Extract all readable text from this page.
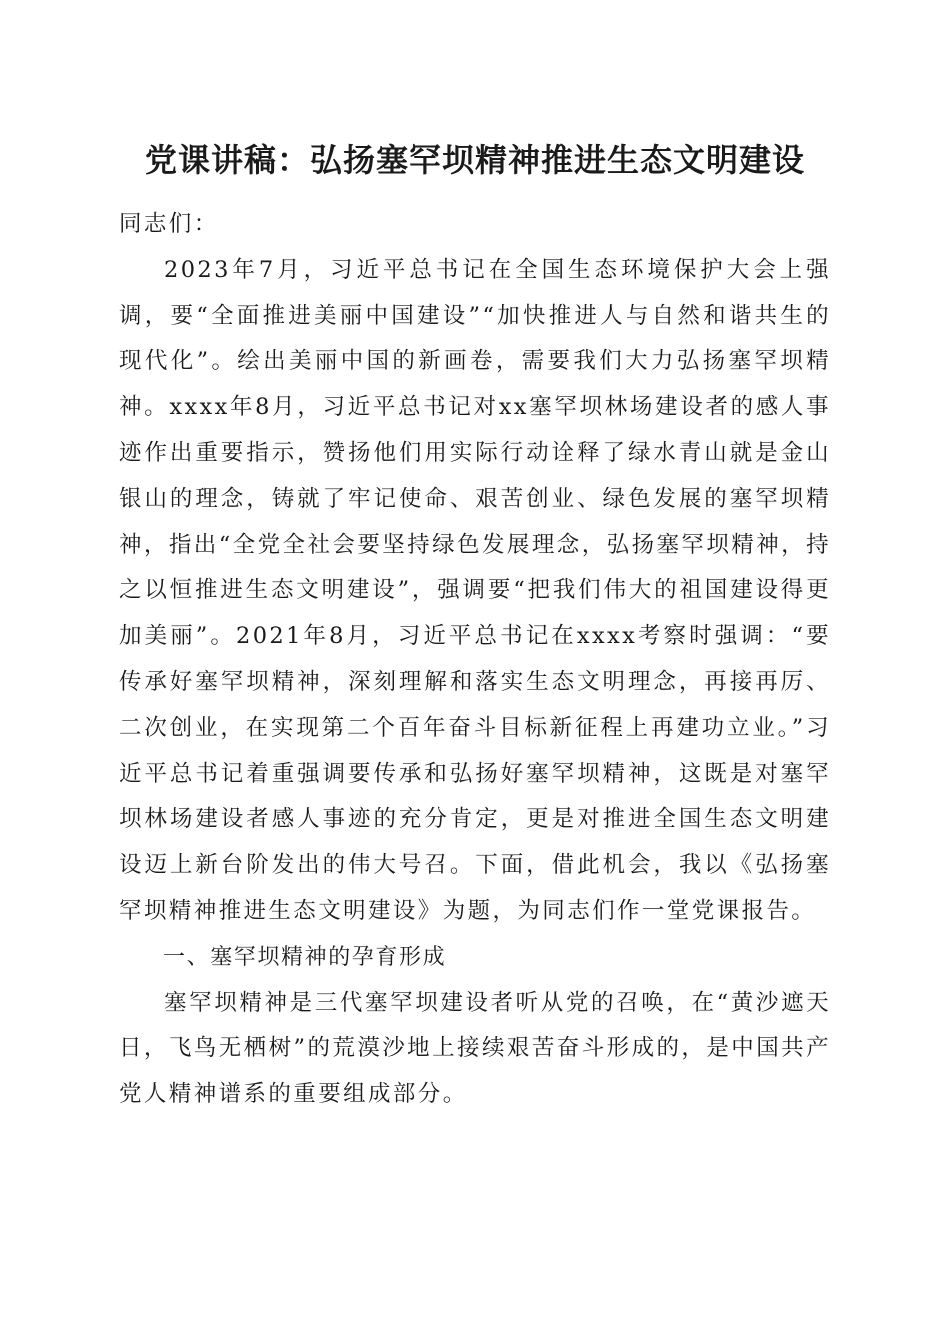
党课讲稿：弘扬塞罕坝精神推进生态文明建设

同志们：

2023年7月，习近平总书记在全国生态环境保护大会上强调，要“全面推进美丽中国建设”“加快推进人与自然和谐共生的现代化”。绘出美丽中国的新画卷，需要我们大力弘扬塞罕坝精神。xxxx年8月，习近平总书记对xx塞罕坝林场建设者的感人事迹作出重要指示，赞扬他们用实际行动诠释了绿水青山就是金山银山的理念，铸就了牢记使命、艰苦创业、绿色发展的塞罕坝精神，指出“全党全社会要坚持绿色发展理念，弘扬塞罕坝精神，持之以恒推进生态文明建设”，强调要“把我们伟大的祖国建设得更加美丽”。2021年8月，习近平总书记在xxxx考察时强调：“要传承好塞罕坝精神，深刻理解和落实生态文明理念，再接再厉、二次创业，在实现第二个百年奋斗目标新征程上再建功立业。”习近平总书记着重强调要传承和弘扬好塞罕坝精神，这既是对塞罕坝林场建设者感人事迹的充分肯定，更是对推进全国生态文明建设迈上新台阶发出的伟大号召。下面，借此机会，我以《弘扬塞罕坝精神推进生态文明建设》为题，为同志们作一堂党课报告。

一、塞罕坝精神的孕育形成

塞罕坝精神是三代塞罕坝建设者听从党的召唤，在“黄沙遮天日，飞鸟无栖树”的荒漠沙地上接续艰苦奋斗形成的，是中国共产党人精神谱系的重要组成部分。
